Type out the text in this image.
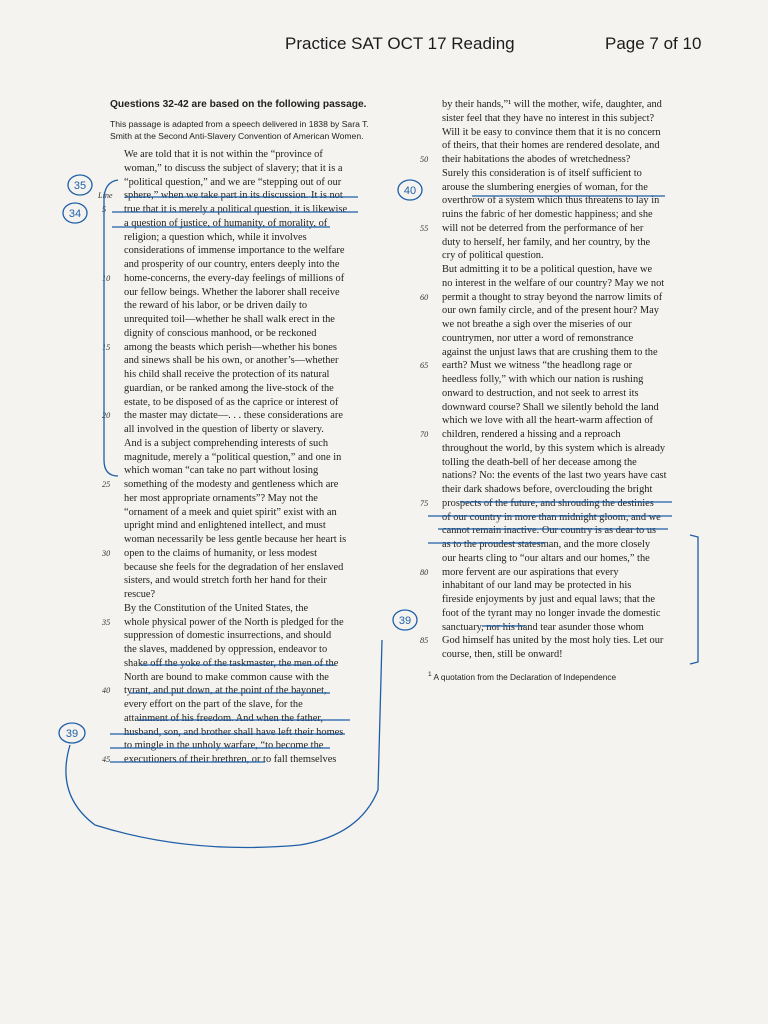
Practice SAT OCT 17 Reading	Page 7 of 10

Questions 32-42 are based on the following passage.

This passage is adapted from a speech delivered in 1838 by Sara T. Smith at the Second Anti-Slavery Convention of American Women.

We are told that it is not within the “province of
woman,” to discuss the subject of slavery; that it is a
“political question,” and we are “stepping out of our
sphere,” when we take part in its discussion. It is not
Line
true that it is merely a political question, it is likewise
5
a question of justice, of humanity, of morality, of
religion; a question which, while it involves
considerations of immense importance to the welfare
and prosperity of our country, enters deeply into the
home-concerns, the every-day feelings of millions of
10
our fellow beings. Whether the laborer shall receive
the reward of his labor, or be driven daily to
unrequited toil—whether he shall walk erect in the
dignity of conscious manhood, or be reckoned
among the beasts which perish—whether his bones
15
and sinews shall be his own, or another’s—whether
his child shall receive the protection of its natural
guardian, or be ranked among the live-stock of the
estate, to be disposed of as the caprice or interest of
the master may dictate—. . . these considerations are
20
all involved in the question of liberty or slavery.

And is a subject comprehending interests of such
magnitude, merely a “political question,” and one in
which woman “can take no part without losing
something of the modesty and gentleness which are
25
her most appropriate ornaments”? May not the
“ornament of a meek and quiet spirit” exist with an
upright mind and enlightened intellect, and must
woman necessarily be less gentle because her heart is
open to the claims of humanity, or less modest
30
because she feels for the degradation of her enslaved
sisters, and would stretch forth her hand for their
rescue?

By the Constitution of the United States, the
whole physical power of the North is pledged for the
35
suppression of domestic insurrections, and should
the slaves, maddened by oppression, endeavor to
shake off the yoke of the taskmaster, the men of the
North are bound to make common cause with the
tyrant, and put down, at the point of the bayonet,
40
every effort on the part of the slave, for the
attainment of his freedom. And when the father,
husband, son, and brother shall have left their homes
to mingle in the unholy warfare, “to become the
executioners of their brethren, or to fall themselves
45

by their hands,”¹ will the mother, wife, daughter, and
sister feel that they have no interest in this subject?
Will it be easy to convince them that it is no concern
of theirs, that their homes are rendered desolate, and
their habitations the abodes of wretchedness?
50
Surely this consideration is of itself sufficient to
arouse the slumbering energies of woman, for the
overthrow of a system which thus threatens to lay in
ruins the fabric of her domestic happiness; and she
will not be deterred from the performance of her
55
duty to herself, her family, and her country, by the
cry of political question.

But admitting it to be a political question, have we
no interest in the welfare of our country? May we not
permit a thought to stray beyond the narrow limits of
60
our own family circle, and of the present hour? May
we not breathe a sigh over the miseries of our
countrymen, nor utter a word of remonstrance
against the unjust laws that are crushing them to the
earth? Must we witness “the headlong rage or
65
heedless folly,” with which our nation is rushing
onward to destruction, and not seek to arrest its
downward course? Shall we silently behold the land
which we love with all the heart-warm affection of
children, rendered a hissing and a reproach
70
throughout the world, by this system which is already
tolling the death-bell of her decease among the
nations? No: the events of the last two years have cast
their dark shadows before, overclouding the bright
prospects of the future, and shrouding the destinies
75
of our country in more than midnight gloom, and we
cannot remain inactive. Our country is as dear to us
as to the proudest statesman, and the more closely
our hearts cling to “our altars and our homes,” the
more fervent are our aspirations that every
80
inhabitant of our land may be protected in his
fireside enjoyments by just and equal laws; that the
foot of the tyrant may no longer invade the domestic
sanctuary, nor his hand tear asunder those whom
God himself has united by the most holy ties. Let our
85
course, then, still be onward!

$^1$ A quotation from the Declaration of Independence
35
34
40
39
39
